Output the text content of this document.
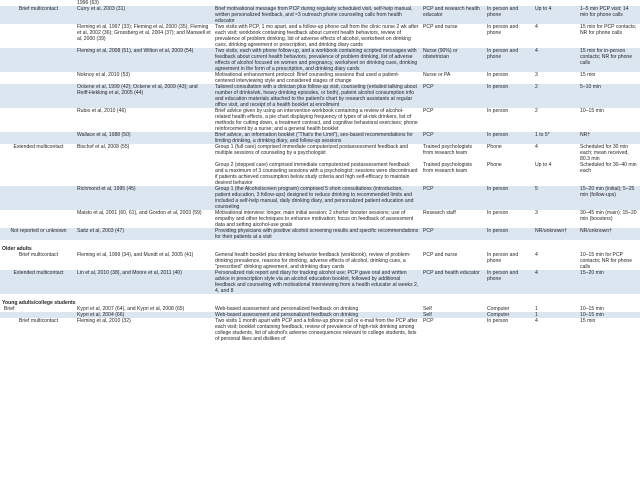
	1996 (63)					
Brief multicontact	Curry et al, 2003 (31)	Brief motivational message from PCP during regularly scheduled visit, self-help manual, written personalized feedback, and ≈3 outreach phone counseling calls from health educator	PCP and research health educator	In person and phone	Up to 4	1–5 min PCP visit; 14 min for phone calls
	Fleming et al, 1997 (33); Fleming et al, 2000 (35); Fleming et al, 2002 (36); Grossberg et al, 2004 (37); and Manwell et al, 2000 (39)	Two visits with PCP, 1 mo apart, and a follow-up phone call from the clinic nurse 2 wk after each visit; workbook containing feedback about current health behaviors, review of prevalence of problem drinking, list of adverse effects of alcohol, worksheet on drinking cues, drinking agreement or prescription, and drinking diary cards	PCP and nurse	In person and phone	4	15 min for PCP contacts; NR for phone calls
	Fleming et al, 2008 (51), and Wilton et al, 2009 (54)	Two visits, each with phone follow-up, and a workbook containing scripted messages with feedback about current health behaviors, prevalence of problem drinking, list of adverse effects of alcohol focused on women and pregnancy, worksheet on drinking cues, drinking agreement in the form of a prescription, and drinking diary cards	Nurse (90%) or obstetrician	In person and phone	4	15 min for in-person contacts; NR for phone calls
	Noknoy et al, 2010 (53)	Motivational enhancement protocol: Brief counseling sessions that used a patient-centered interviewing style and considered stages of change	Nurse or PA	In person	3	15 min
	Ockene et al, 1999 (42); Ockene et al, 2009 (43); and Reiff-Hekking et al, 2005 (44)	Tailored consultation with a clinician plus follow-up visit, counseling (entailed talking about number of drinks/wk, heavy drinking episodes, or both), patient alcohol consumption info and education materials attached to the patient's chart by research assistants at regular office visit, and receipt of a health booklet at enrollment	PCP	In person	2	5–10 min
	Rubio et al, 2010 (46)	Brief advice given by using an intervention workbook containing a review of alcohol-related health effects, a pie chart displaying frequency of types of at-risk drinkers, list of methods for cutting down, a treatment contract, and cognitive behavioral exercises; phone reinforcement by a nurse; and a general health booklet	PCP	In person	2	10–15 min
	Wallace et al, 1988 (50)	Brief advice, an information booklet ("That's the Limit"), sex-based recommendations for limiting drinking, a drinking diary, and follow-up sessions	PCP	In person	1 to 5*	NR†
Extended multicontact	Bischof et al, 2008 (55)	Group 1 (full care) comprised immediate computerized postassessment feedback and multiple sessions of counseling by a psychologist	Trained psychologists from research team	Phone	4	Scheduled for 30 min each; mean received, 80.3 min
		Group 2 (stepped care) comprised immediate computerized postassessment feedback and a maximum of 3 counseling sessions with a psychologist; sessions were discontinued if patients achieved consumption below study criteria and high self-efficacy to maintain desired behavior	Trained psychologists from research team	Phone	Up to 4	Scheduled for 30–40 min each
	Richmond et al, 1995 (45)	Group 1 (the Alcoholscreen program) comprised 5 short consultations (introduction, patient education, 3 follow-ups) designed to reduce drinking to recommended limits and included a self-help manual, daily drinking diary, and personalized patient education and counseling	PCP	In person	5	15–20 min (initial); 5–25 min (follow-ups)
	Maisto et al, 2001 (60, 61), and Gordon et al, 2003 (59)	Motivational interview: longer, main initial session; 2 shorter booster sessions; use of empathy and other techniques to enhance motivation; focus on feedback of assessment data and setting alcohol-use goals	Research staff	In person	3	30–45 min (main); 15–20 min (boosters)
Not reported or unknown	Saitz et al, 2003 (47)	Providing physicians with positive alcohol screening results and specific recommendations for their patients at a visit	PCP	In person	NR/unknown†	NR/unknown†

Older adults						
Brief multicontact	Fleming et al, 1999 (34), and Mundt et al, 2005 (41)	General health booklet plus drinking behavior feedback (workbook), review of problem-drinking prevalence, reasons for drinking, adverse effects of alcohol, drinking cues, a "prescribed" drinking agreement, and drinking diary cards	PCP and nurse	In person and phone	4	10–15 min for PCP contacts; NR for phone calls
Extended multicontact	Lin et al, 2010 (38), and Moore et al, 2011 (40)	Personalized risk report and diary for tracking alcohol use; PCP gave oral and written advice in prescription style via an alcohol education booklet, followed by additional feedback and counseling with motivational interviewing from a health educator at weeks 2, 4, and 8	PCP and health educator	In person and phone	4	15–20 min

Young adults/college students						
Brief	Kypri et al, 2007 (64), and Kypri et al, 2008 (65)	Web-based assessment and personalized feedback on drinking	Self	Computer	1	10–15 min
	Kypri et al, 2004 (66)	Web-based assessment and personalized feedback on drinking	Self	Computer	1	10–15 min
Brief multicontact	Fleming et al, 2010 (32)	Two visits 1 month apart with PCP and a follow-up phone call or e-mail from the PCP after each visit; booklet containing feedback, review of prevalence of high-risk drinking among college students, list of alcohol's adverse consequences relevant to college students, lists of personal likes and dislikes of	PCP	In person	4	15 min
